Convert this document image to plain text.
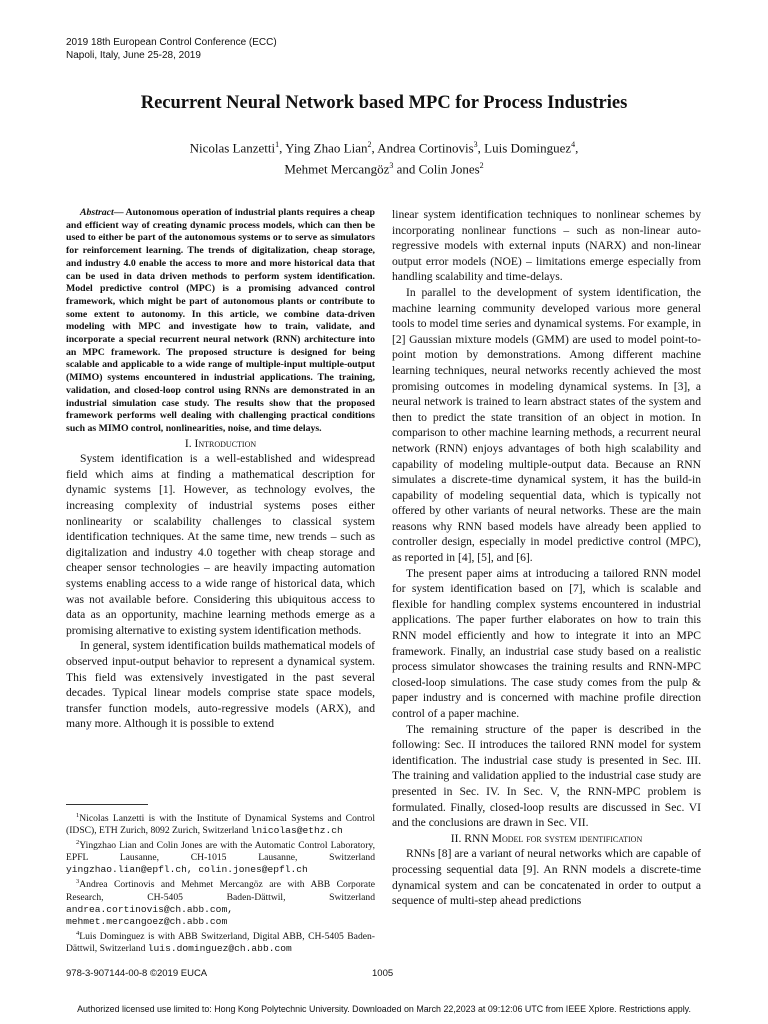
2019 18th European Control Conference (ECC)
Napoli, Italy, June 25-28, 2019
Recurrent Neural Network based MPC for Process Industries
Nicolas Lanzetti$^1$, Ying Zhao Lian$^2$, Andrea Cortinovis$^3$, Luis Dominguez$^4$,
Mehmet Mercangöz$^3$ and Colin Jones$^2$

Abstract— Autonomous operation of industrial plants requires a cheap and efficient way of creating dynamic process models, which can then be used to either be part of the autonomous systems or to serve as simulators for reinforcement learning. The trends of digitalization, cheap storage, and industry 4.0 enable the access to more and more historical data that can be used in data driven methods to perform system identification. Model predictive control (MPC) is a promising advanced control framework, which might be part of autonomous plants or contribute to some extent to autonomy. In this article, we combine data-driven modeling with MPC and investigate how to train, validate, and incorporate a special recurrent neural network (RNN) architecture into an MPC framework. The proposed structure is designed for being scalable and applicable to a wide range of multiple-input multiple-output (MIMO) systems encountered in industrial applications. The training, validation, and closed-loop control using RNNs are demonstrated in an industrial simulation case study. The results show that the proposed framework performs well dealing with challenging practical conditions such as MIMO control, nonlinearities, noise, and time delays.

I. Introduction

System identification is a well-established and widespread field which aims at finding a mathematical description for dynamic systems [1]. However, as technology evolves, the increasing complexity of industrial systems poses either nonlinearity or scalability challenges to classical system identification techniques. At the same time, new trends – such as digitalization and industry 4.0 together with cheap storage and cheaper sensor technologies – are heavily impacting automation systems enabling access to a wide range of historical data, which was not available before. Considering this ubiquitous access to data as an opportunity, machine learning methods emerge as a promising alternative to existing system identification methods.

In general, system identification builds mathematical models of observed input-output behavior to represent a dynamical system. This field was extensively investigated in the past several decades. Typical linear models comprise state space models, transfer function models, auto-regressive models (ARX), and many more. Although it is possible to extend

$^1$Nicolas Lanzetti is with the Institute of Dynamical Systems and Control (IDSC), ETH Zurich, 8092 Zurich, Switzerland lnicolas@ethz.ch

$^2$Yingzhao Lian and Colin Jones are with the Automatic Control Laboratory, EPFL Lausanne, CH-1015 Lausanne, Switzerland yingzhao.lian@epfl.ch, colin.jones@epfl.ch

$^3$Andrea Cortinovis and Mehmet Mercangöz are with ABB Corporate Research, CH-5405 Baden-Dättwil, Switzerland andrea.cortinovis@ch.abb.com, mehmet.mercangoez@ch.abb.com

$^4$Luis Dominguez is with ABB Switzerland, Digital ABB, CH-5405 Baden-Dättwil, Switzerland luis.dominguez@ch.abb.com

linear system identification techniques to nonlinear schemes by incorporating nonlinear functions – such as non-linear auto-regressive models with external inputs (NARX) and non-linear output error models (NOE) – limitations emerge especially from handling scalability and time-delays.

In parallel to the development of system identification, the machine learning community developed various more general tools to model time series and dynamical systems. For example, in [2] Gaussian mixture models (GMM) are used to model point-to-point motion by demonstrations. Among different machine learning techniques, neural networks recently achieved the most promising outcomes in modeling dynamical systems. In [3], a neural network is trained to learn abstract states of the system and then to predict the state transition of an object in motion. In comparison to other machine learning methods, a recurrent neural network (RNN) enjoys advantages of both high scalability and capability of modeling multiple-output data. Because an RNN simulates a discrete-time dynamical system, it has the build-in capability of modeling sequential data, which is typically not offered by other variants of neural networks. These are the main reasons why RNN based models have already been applied to controller design, especially in model predictive control (MPC), as reported in [4], [5], and [6].

The present paper aims at introducing a tailored RNN model for system identification based on [7], which is scalable and flexible for handling complex systems encountered in industrial applications. The paper further elaborates on how to train this RNN model efficiently and how to integrate it into an MPC framework. Finally, an industrial case study based on a realistic process simulator showcases the training results and RNN-MPC closed-loop simulations. The case study comes from the pulp & paper industry and is concerned with machine profile direction control of a paper machine.

The remaining structure of the paper is described in the following: Sec. II introduces the tailored RNN model for system identification. The industrial case study is presented in Sec. III. The training and validation applied to the industrial case study are presented in Sec. IV. In Sec. V, the RNN-MPC problem is formulated. Finally, closed-loop results are discussed in Sec. VI and the conclusions are drawn in Sec. VII.

II. RNN Model for system identification

RNNs [8] are a variant of neural networks which are capable of processing sequential data [9]. An RNN models a discrete-time dynamical system and can be concatenated in order to output a sequence of multi-step ahead predictions

978-3-907144-00-8 ©2019 EUCA	1005
Authorized licensed use limited to: Hong Kong Polytechnic University. Downloaded on March 22,2023 at 09:12:06 UTC from IEEE Xplore. Restrictions apply.
